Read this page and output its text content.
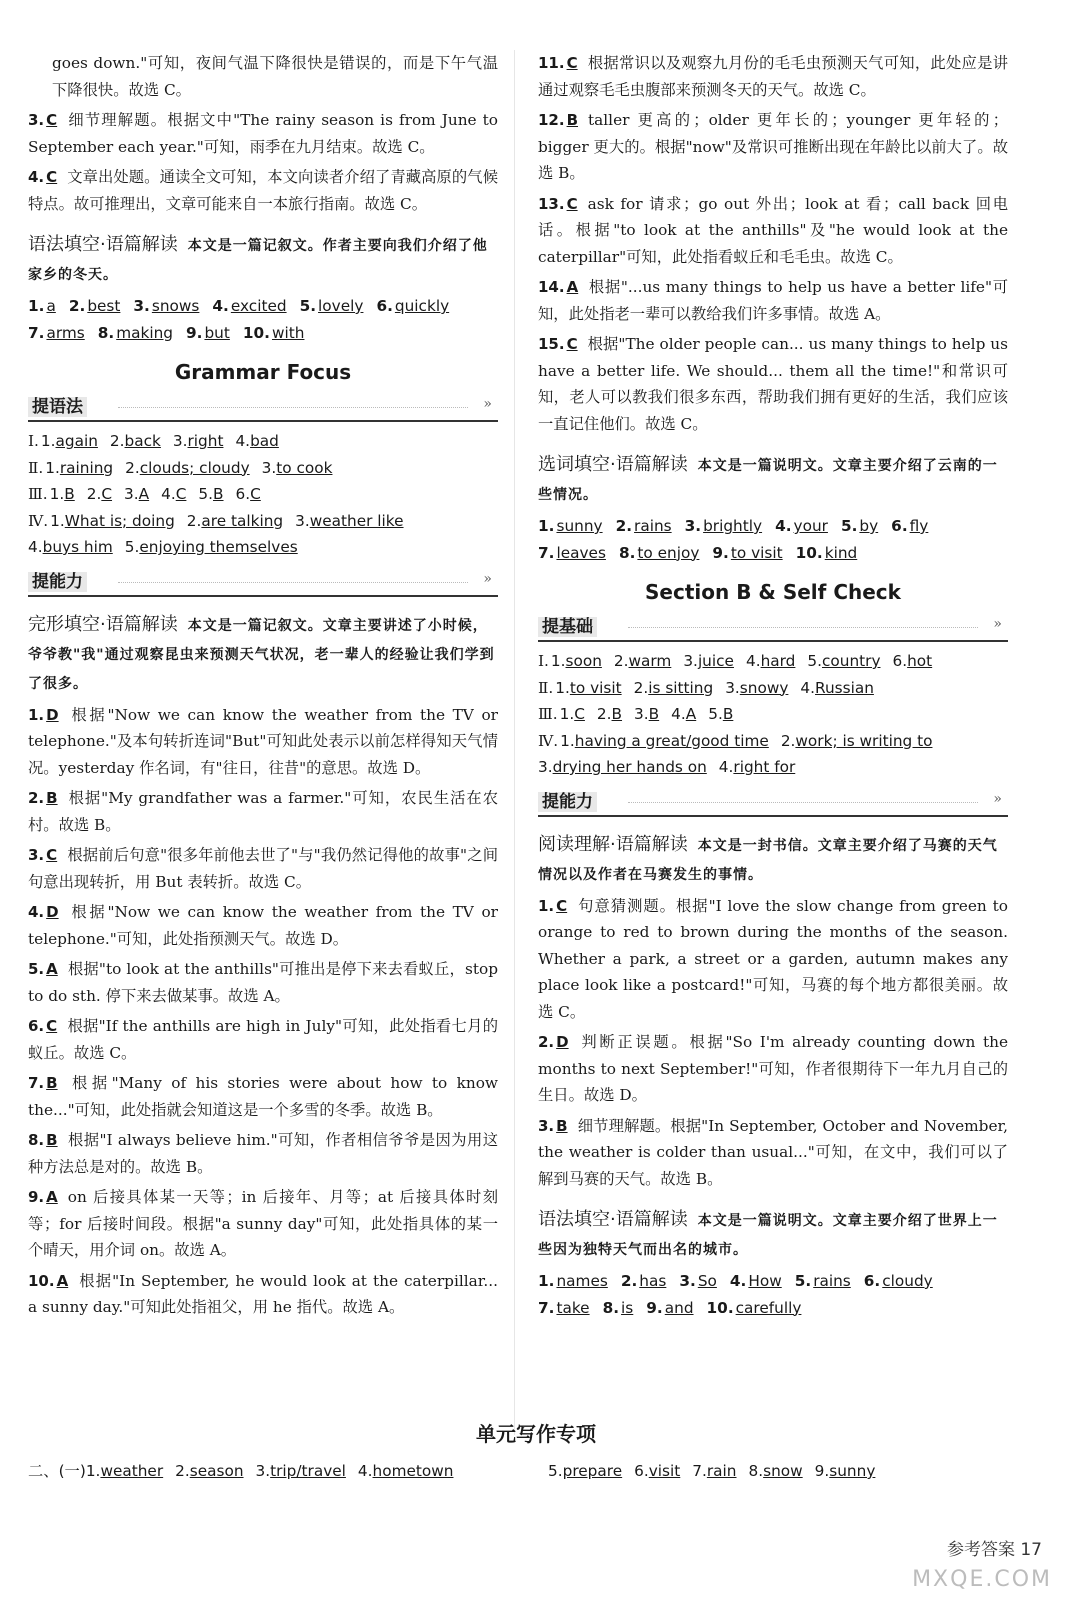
goes down."可知，夜间气温下降很快是错误的，而是下午气温下降很快。故选 C。

3. C 细节理解题。根据文中"The rainy season is from June to September each year."可知，雨季在九月结束。故选 C。

4. C 文章出处题。通读全文可知，本文向读者介绍了青藏高原的气候特点。故可推理出，文章可能来自一本旅行指南。故选 C。

语法填空·语篇解读 本文是一篇记叙文。作者主要向我们介绍了他家乡的冬天。

1. a 2. best 3. snows 4. excited 5. lovely 6. quickly

7. arms 8. making 9. but 10. with

Grammar Focus
提语法	»

Ⅰ. 1.again 2.back 3.right 4.bad

Ⅱ. 1.raining 2.clouds; cloudy 3.to cook

Ⅲ. 1.B 2.C 3.A 4.C 5.B 6.C

Ⅳ. 1.What is; doing 2.are talking 3.weather like

4.buys him 5.enjoying themselves

提能力	»
完形填空·语篇解读 本文是一篇记叙文。文章主要讲述了小时候，爷爷教"我"通过观察昆虫来预测天气状况，老一辈人的经验让我们学到了很多。

1. D 根据"Now we can know the weather from the TV or telephone."及本句转折连词"But"可知此处表示以前怎样得知天气情况。yesterday 作名词，有"往日，往昔"的意思。故选 D。

2. B 根据"My grandfather was a farmer."可知，农民生活在农村。故选 B。

3. C 根据前后句意"很多年前他去世了"与"我仍然记得他的故事"之间句意出现转折，用 But 表转折。故选 C。

4. D 根据"Now we can know the weather from the TV or telephone."可知，此处指预测天气。故选 D。

5. A 根据"to look at the anthills"可推出是停下来去看蚁丘，stop to do sth. 停下来去做某事。故选 A。

6. C 根据"If the anthills are high in July"可知，此处指看七月的蚁丘。故选 C。

7. B 根据"Many of his stories were about how to know the..."可知，此处指就会知道这是一个多雪的冬季。故选 B。

8. B 根据"I always believe him."可知，作者相信爷爷是因为用这种方法总是对的。故选 B。

9. A on 后接具体某一天等；in 后接年、月等；at 后接具体时刻等；for 后接时间段。根据"a sunny day"可知，此处指具体的某一个晴天，用介词 on。故选 A。

10. A 根据"In September, he would look at the caterpillar... a sunny day."可知此处指祖父，用 he 指代。故选 A。

11. C 根据常识以及观察九月份的毛毛虫预测天气可知，此处应是讲通过观察毛毛虫腹部来预测冬天的天气。故选 C。

12. B taller 更高的；older 更年长的；younger 更年轻的；bigger 更大的。根据"now"及常识可推断出现在年龄比以前大了。故选 B。

13. C ask for 请求；go out 外出；look at 看；call back 回电话。根据"to look at the anthills"及"he would look at the caterpillar"可知，此处指看蚁丘和毛毛虫。故选 C。

14. A 根据"...us many things to help us have a better life"可知，此处指老一辈可以教给我们许多事情。故选 A。

15. C 根据"The older people can... us many things to help us have a better life. We should... them all the time!"和常识可知，老人可以教我们很多东西，帮助我们拥有更好的生活，我们应该一直记住他们。故选 C。

选词填空·语篇解读 本文是一篇说明文。文章主要介绍了云南的一些情况。

1. sunny 2. rains 3. brightly 4. your 5. by 6. fly

7. leaves 8. to enjoy 9. to visit 10. kind

Section B & Self Check
提基础	»

Ⅰ. 1.soon 2.warm 3.juice 4.hard 5.country 6.hot

Ⅱ. 1.to visit 2.is sitting 3.snowy 4.Russian

Ⅲ. 1.C 2.B 3.B 4.A 5.B

Ⅳ. 1.having a great/good time 2.work; is writing to

3.drying her hands on 4.right for

提能力	»
阅读理解·语篇解读 本文是一封书信。文章主要介绍了马赛的天气情况以及作者在马赛发生的事情。

1. C 句意猜测题。根据"I love the slow change from green to orange to red to brown during the months of the season. Whether a park, a street or a garden, autumn makes any place look like a postcard!"可知，马赛的每个地方都很美丽。故选 C。

2. D 判断正误题。根据"So I'm already counting down the months to next September!"可知，作者很期待下一年九月自己的生日。故选 D。

3. B 细节理解题。根据"In September, October and November, the weather is colder than usual..."可知，在文中，我们可以了解到马赛的天气。故选 B。

语法填空·语篇解读 本文是一篇说明文。文章主要介绍了世界上一些因为独特天气而出名的城市。

1. names 2. has 3. So 4. How 5. rains 6. cloudy

7. take 8. is 9. and 10. carefully

单元写作专项
二、(一)1.weather 2.season 3.trip/travel 4.hometown	5.prepare 6.visit 7.rain 8.snow 9.sunny
参考答案 17
MXQE.COM
